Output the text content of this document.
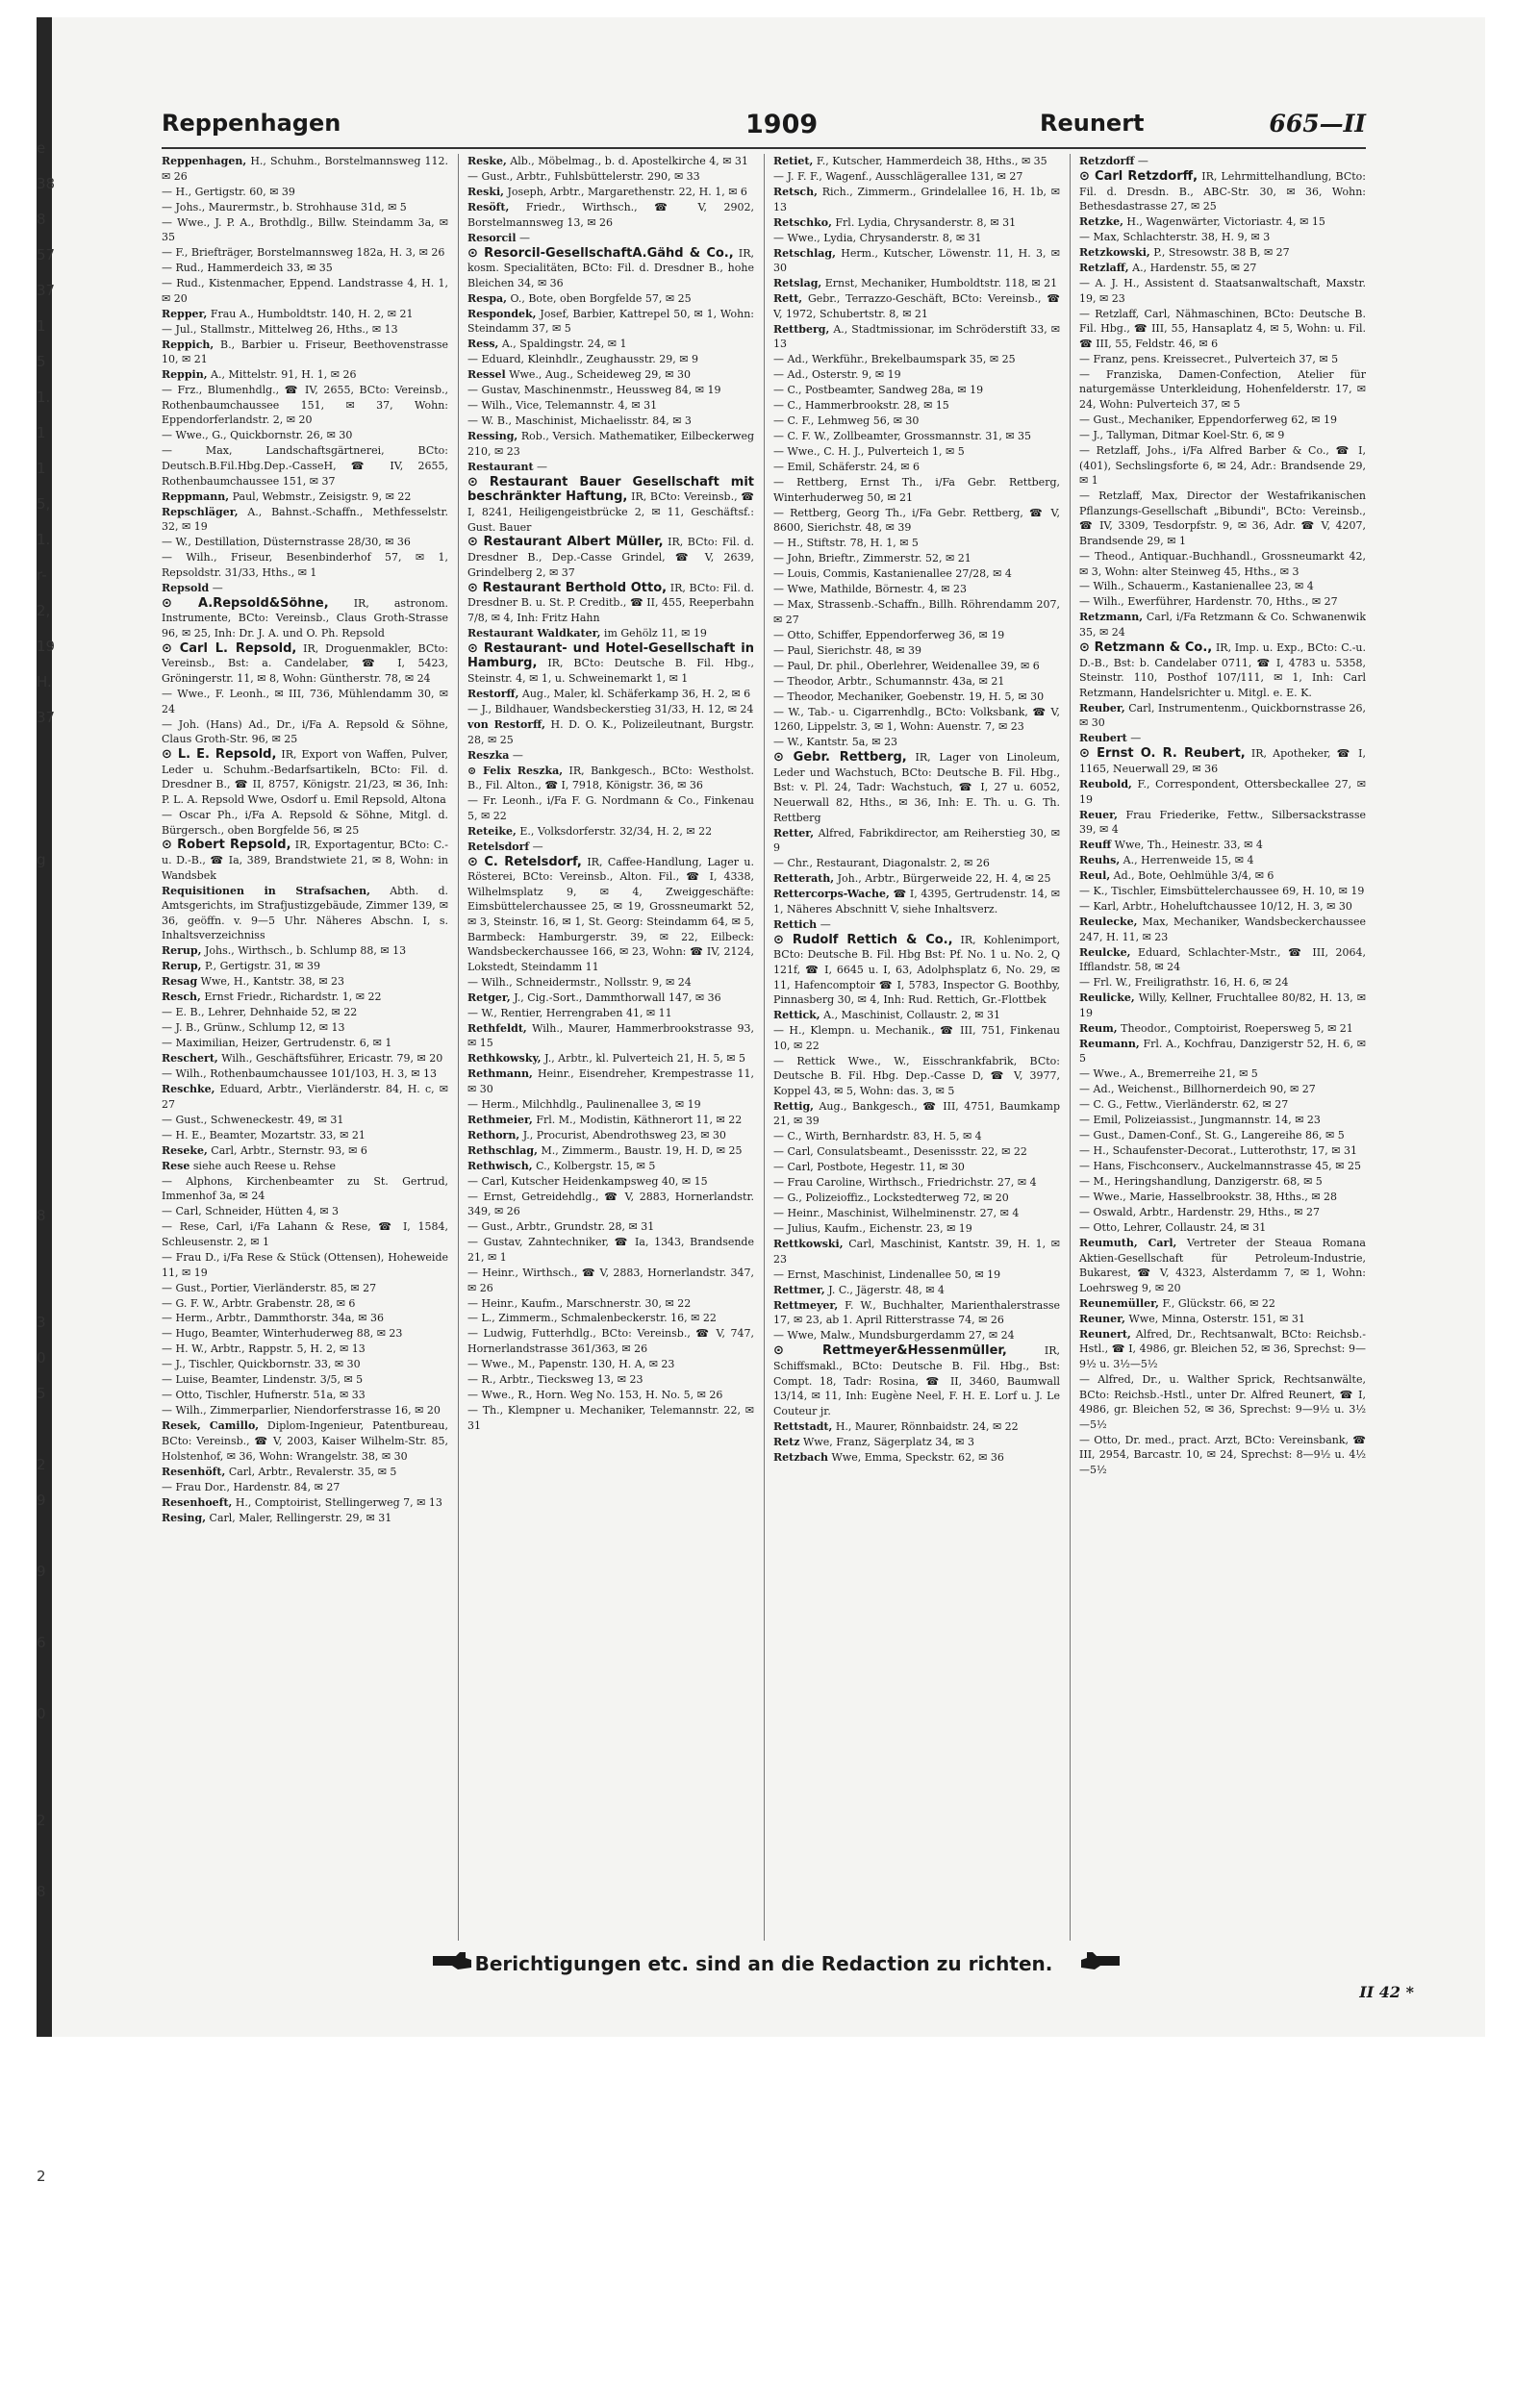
e
38
8
57
37
1
5
1.
1
1
5,
1.
r-
2,
19
H.
37
g
8
3
0
5
2
9
9
6
0
2
8
2
Reppenhagen	1909	Reunert	665—II
Reppenhagen, H., Schuhm., Borstelmannsweg 112. ✉ 26
— H., Gertigstr. 60, ✉ 39
— Johs., Maurermstr., b. Strohhause 31d, ✉ 5
— Wwe., J. P. A., Brothdlg., Billw. Steindamm 3a, ✉ 35
— F., Briefträger, Borstelmannsweg 182a, H. 3, ✉ 26
— Rud., Hammerdeich 33, ✉ 35
— Rud., Kistenmacher, Eppend. Landstrasse 4, H. 1, ✉ 20
Repper, Frau A., Humboldtstr. 140, H. 2, ✉ 21
— Jul., Stallmstr., Mittelweg 26, Hths., ✉ 13
Reppich, B., Barbier u. Friseur, Beethovenstrasse 10, ✉ 21
Reppin, A., Mittelstr. 91, H. 1, ✉ 26
— Frz., Blumenhdlg., ☎ IV, 2655, BCto: Vereinsb., Rothenbaumchaussee 151, ✉ 37, Wohn: Eppendorferlandstr. 2, ✉ 20
— Wwe., G., Quickbornstr. 26, ✉ 30
— Max, Landschaftsgärtnerei, BCto: Deutsch.B.Fil.Hbg.Dep.-CasseH, ☎ IV, 2655, Rothenbaumchaussee 151, ✉ 37
Reppmann, Paul, Webmstr., Zeisigstr. 9, ✉ 22
Repschläger, A., Bahnst.-Schaffn., Methfesselstr. 32, ✉ 19
— W., Destillation, Düsternstrasse 28/30, ✉ 36
— Wilh., Friseur, Besenbinderhof 57, ✉ 1, Repsoldstr. 31/33, Hths., ✉ 1
Repsold —
⊙ A.Repsold&Söhne, IR, astronom. Instrumente, BCto: Vereinsb., Claus Groth-Strasse 96, ✉ 25, Inh: Dr. J. A. und O. Ph. Repsold
⊙ Carl L. Repsold, IR, Droguenmakler, BCto: Vereinsb., Bst: a. Candelaber, ☎ I, 5423, Gröningerstr. 11, ✉ 8, Wohn: Güntherstr. 78, ✉ 24
— Wwe., F. Leonh., ✉ III, 736, Mühlendamm 30, ✉ 24
— Joh. (Hans) Ad., Dr., i/Fa A. Repsold & Söhne, Claus Groth-Str. 96, ✉ 25
⊙ L. E. Repsold, IR, Export von Waffen, Pulver, Leder u. Schuhm.-Bedarfsartikeln, BCto: Fil. d. Dresdner B., ☎ II, 8757, Königstr. 21/23, ✉ 36, Inh: P. L. A. Repsold Wwe, Osdorf u. Emil Repsold, Altona
— Oscar Ph., i/Fa A. Repsold & Söhne, Mitgl. d. Bürgersch., oben Borgfelde 56, ✉ 25
⊙ Robert Repsold, IR, Exportagentur, BCto: C.- u. D.-B., ☎ Ia, 389, Brandstwiete 21, ✉ 8, Wohn: in Wandsbek
Requisitionen in Strafsachen, Abth. d. Amtsgerichts, im Strafjustizgebäude, Zimmer 139, ✉ 36, geöffn. v. 9—5 Uhr. Näheres Abschn. I, s. Inhaltsverzeichniss
Rerup, Johs., Wirthsch., b. Schlump 88, ✉ 13
Rerup, P., Gertigstr. 31, ✉ 39
Resag Wwe, H., Kantstr. 38, ✉ 23
Resch, Ernst Friedr., Richardstr. 1, ✉ 22
— E. B., Lehrer, Dehnhaide 52, ✉ 22
— J. B., Grünw., Schlump 12, ✉ 13
— Maximilian, Heizer, Gertrudenstr. 6, ✉ 1
Reschert, Wilh., Geschäftsführer, Ericastr. 79, ✉ 20
— Wilh., Rothenbaumchaussee 101/103, H. 3, ✉ 13
Reschke, Eduard, Arbtr., Vierländerstr. 84, H. c, ✉ 27
— Gust., Schweneckestr. 49, ✉ 31
— H. E., Beamter, Mozartstr. 33, ✉ 21
Reseke, Carl, Arbtr., Sternstr. 93, ✉ 6
Rese siehe auch Reese u. Rehse
— Alphons, Kirchenbeamter zu St. Gertrud, Immenhof 3a, ✉ 24
— Carl, Schneider, Hütten 4, ✉ 3
— Rese, Carl, i/Fa Lahann & Rese, ☎ I, 1584, Schleusenstr. 2, ✉ 1
— Frau D., i/Fa Rese & Stück (Ottensen), Hoheweide 11, ✉ 19
— Gust., Portier, Vierländerstr. 85, ✉ 27
— G. F. W., Arbtr. Grabenstr. 28, ✉ 6
— Herm., Arbtr., Dammthorstr. 34a, ✉ 36
— Hugo, Beamter, Winterhuderweg 88, ✉ 23
— H. W., Arbtr., Rappstr. 5, H. 2, ✉ 13
— J., Tischler, Quickbornstr. 33, ✉ 30
— Luise, Beamter, Lindenstr. 3/5, ✉ 5
— Otto, Tischler, Hufnerstr. 51a, ✉ 33
— Wilh., Zimmerparlier, Niendorferstrasse 16, ✉ 20
Resek, Camillo, Diplom-Ingenieur, Patentbureau, BCto: Vereinsb., ☎ V, 2003, Kaiser Wilhelm-Str. 85, Holstenhof, ✉ 36, Wohn: Wrangelstr. 38, ✉ 30
Resenhöft, Carl, Arbtr., Revalerstr. 35, ✉ 5
— Frau Dor., Hardenstr. 84, ✉ 27
Resenhoeft, H., Comptoirist, Stellingerweg 7, ✉ 13
Resing, Carl, Maler, Rellingerstr. 29, ✉ 31
Reske, Alb., Möbelmag., b. d. Apostelkirche 4, ✉ 31
— Gust., Arbtr., Fuhlsbüttelerstr. 290, ✉ 33
Reski, Joseph, Arbtr., Margarethenstr. 22, H. 1, ✉ 6
Resöft, Friedr., Wirthsch., ☎ V, 2902, Borstelmannsweg 13, ✉ 26
Resorcil —
⊙ Resorcil-GesellschaftA.Gähd & Co., IR, kosm. Specialitäten, BCto: Fil. d. Dresdner B., hohe Bleichen 34, ✉ 36
Respa, O., Bote, oben Borgfelde 57, ✉ 25
Respondek, Josef, Barbier, Kattrepel 50, ✉ 1, Wohn: Steindamm 37, ✉ 5
Ress, A., Spaldingstr. 24, ✉ 1
— Eduard, Kleinhdlr., Zeughausstr. 29, ✉ 9
Ressel Wwe., Aug., Scheideweg 29, ✉ 30
— Gustav, Maschinenmstr., Heussweg 84, ✉ 19
— Wilh., Vice, Telemannstr. 4, ✉ 31
— W. B., Maschinist, Michaelisstr. 84, ✉ 3
Ressing, Rob., Versich. Mathematiker, Eilbeckerweg 210, ✉ 23
Restaurant —
⊙ Restaurant Bauer Gesellschaft mit beschränkter Haftung, IR, BCto: Vereinsb., ☎ I, 8241, Heiligengeistbrücke 2, ✉ 11, Geschäftsf.: Gust. Bauer
⊙ Restaurant Albert Müller, IR, BCto: Fil. d. Dresdner B., Dep.-Casse Grindel, ☎ V, 2639, Grindelberg 2, ✉ 37
⊙ Restaurant Berthold Otto, IR, BCto: Fil. d. Dresdner B. u. St. P. Creditb., ☎ II, 455, Reeperbahn 7/8, ✉ 4, Inh: Fritz Hahn
Restaurant Waldkater, im Gehölz 11, ✉ 19
⊙ Restaurant- und Hotel-Gesellschaft in Hamburg, IR, BCto: Deutsche B. Fil. Hbg., Steinstr. 4, ✉ 1, u. Schweinemarkt 1, ✉ 1
Restorff, Aug., Maler, kl. Schäferkamp 36, H. 2, ✉ 6
— J., Bildhauer, Wandsbeckerstieg 31/33, H. 12, ✉ 24
von Restorff, H. D. O. K., Polizeileutnant, Burgstr. 28, ✉ 25
Reszka —
⊙ Felix Reszka, IR, Bankgesch., BCto: Westholst. B., Fil. Alton., ☎ I, 7918, Königstr. 36, ✉ 36
— Fr. Leonh., i/Fa F. G. Nordmann & Co., Finkenau 5, ✉ 22
Reteike, E., Volksdorferstr. 32/34, H. 2, ✉ 22
Retelsdorf —
⊙ C. Retelsdorf, IR, Caffee-Handlung, Lager u. Rösterei, BCto: Vereinsb., Alton. Fil., ☎ I, 4338, Wilhelmsplatz 9, ✉ 4, Zweiggeschäfte: Eimsbüttelerchaussee 25, ✉ 19, Grossneumarkt 52, ✉ 3, Steinstr. 16, ✉ 1, St. Georg: Steindamm 64, ✉ 5, Barmbeck: Hamburgerstr. 39, ✉ 22, Eilbeck: Wandsbeckerchaussee 166, ✉ 23, Wohn: ☎ IV, 2124, Lokstedt, Steindamm 11
— Wilh., Schneidermstr., Nollsstr. 9, ✉ 24
Retger, J., Cig.-Sort., Dammthorwall 147, ✉ 36
— W., Rentier, Herrengraben 41, ✉ 11
Rethfeldt, Wilh., Maurer, Hammerbrookstrasse 93, ✉ 15
Rethkowsky, J., Arbtr., kl. Pulverteich 21, H. 5, ✉ 5
Rethmann, Heinr., Eisendreher, Krempestrasse 11, ✉ 30
— Herm., Milchhdlg., Paulinenallee 3, ✉ 19
Rethmeier, Frl. M., Modistin, Käthnerort 11, ✉ 22
Rethorn, J., Procurist, Abendrothsweg 23, ✉ 30
Rethschlag, M., Zimmerm., Baustr. 19, H. D, ✉ 25
Rethwisch, C., Kolbergstr. 15, ✉ 5
— Carl, Kutscher Heidenkampsweg 40, ✉ 15
— Ernst, Getreidehdlg., ☎ V, 2883, Hornerlandstr. 349, ✉ 26
— Gust., Arbtr., Grundstr. 28, ✉ 31
— Gustav, Zahntechniker, ☎ Ia, 1343, Brandsende 21, ✉ 1
— Heinr., Wirthsch., ☎ V, 2883, Hornerlandstr. 347, ✉ 26
— Heinr., Kaufm., Marschnerstr. 30, ✉ 22
— L., Zimmerm., Schmalenbeckerstr. 16, ✉ 22
— Ludwig, Futterhdlg., BCto: Vereinsb., ☎ V, 747, Hornerlandstrasse 361/363, ✉ 26
— Wwe., M., Papenstr. 130, H. A, ✉ 23
— R., Arbtr., Tiecksweg 13, ✉ 23
— Wwe., R., Horn. Weg No. 153, H. No. 5, ✉ 26
— Th., Klempner u. Mechaniker, Telemannstr. 22, ✉ 31
Retiet, F., Kutscher, Hammerdeich 38, Hths., ✉ 35
— J. F. F., Wagenf., Ausschlägerallee 131, ✉ 27
Retsch, Rich., Zimmerm., Grindelallee 16, H. 1b, ✉ 13
Retschko, Frl. Lydia, Chrysanderstr. 8, ✉ 31
— Wwe., Lydia, Chrysanderstr. 8, ✉ 31
Retschlag, Herm., Kutscher, Löwenstr. 11, H. 3, ✉ 30
Retslag, Ernst, Mechaniker, Humboldtstr. 118, ✉ 21
Rett, Gebr., Terrazzo-Geschäft, BCto: Vereinsb., ☎ V, 1972, Schubertstr. 8, ✉ 21
Rettberg, A., Stadtmissionar, im Schröderstift 33, ✉ 13
— Ad., Werkführ., Brekelbaumspark 35, ✉ 25
— Ad., Osterstr. 9, ✉ 19
— C., Postbeamter, Sandweg 28a, ✉ 19
— C., Hammerbrookstr. 28, ✉ 15
— C. F., Lehmweg 56, ✉ 30
— C. F. W., Zollbeamter, Grossmannstr. 31, ✉ 35
— Wwe., C. H. J., Pulverteich 1, ✉ 5
— Emil, Schäferstr. 24, ✉ 6
— Rettberg, Ernst Th., i/Fa Gebr. Rettberg, Winterhuderweg 50, ✉ 21
— Rettberg, Georg Th., i/Fa Gebr. Rettberg, ☎ V, 8600, Sierichstr. 48, ✉ 39
— H., Stiftstr. 78, H. 1, ✉ 5
— John, Brieftr., Zimmerstr. 52, ✉ 21
— Louis, Commis, Kastanienallee 27/28, ✉ 4
— Wwe, Mathilde, Börnestr. 4, ✉ 23
— Max, Strassenb.-Schaffn., Billh. Röhrendamm 207, ✉ 27
— Otto, Schiffer, Eppendorferweg 36, ✉ 19
— Paul, Sierichstr. 48, ✉ 39
— Paul, Dr. phil., Oberlehrer, Weidenallee 39, ✉ 6
— Theodor, Arbtr., Schumannstr. 43a, ✉ 21
— Theodor, Mechaniker, Goebenstr. 19, H. 5, ✉ 30
— W., Tab.- u. Cigarrenhdlg., BCto: Volksbank, ☎ V, 1260, Lippelstr. 3, ✉ 1, Wohn: Auenstr. 7, ✉ 23
— W., Kantstr. 5a, ✉ 23
⊙ Gebr. Rettberg, IR, Lager von Linoleum, Leder und Wachstuch, BCto: Deutsche B. Fil. Hbg., Bst: v. Pl. 24, Tadr: Wachstuch, ☎ I, 27 u. 6052, Neuerwall 82, Hths., ✉ 36, Inh: E. Th. u. G. Th. Rettberg
Retter, Alfred, Fabrikdirector, am Reiherstieg 30, ✉ 9
— Chr., Restaurant, Diagonalstr. 2, ✉ 26
Retterath, Joh., Arbtr., Bürgerweide 22, H. 4, ✉ 25
Rettercorps-Wache, ☎ I, 4395, Gertrudenstr. 14, ✉ 1, Näheres Abschnitt V, siehe Inhaltsverz.
Rettich —
⊙ Rudolf Rettich & Co., IR, Kohlenimport, BCto: Deutsche B. Fil. Hbg Bst: Pf. No. 1 u. No. 2, Q 121f, ☎ I, 6645 u. I, 63, Adolphsplatz 6, No. 29, ✉ 11, Hafencomptoir ☎ I, 5783, Inspector G. Boothby, Pinnasberg 30, ✉ 4, Inh: Rud. Rettich, Gr.-Flottbek
Rettick, A., Maschinist, Collaustr. 2, ✉ 31
— H., Klempn. u. Mechanik., ☎ III, 751, Finkenau 10, ✉ 22
— Rettick Wwe., W., Eisschrankfabrik, BCto: Deutsche B. Fil. Hbg. Dep.-Casse D, ☎ V, 3977, Koppel 43, ✉ 5, Wohn: das. 3, ✉ 5
Rettig, Aug., Bankgesch., ☎ III, 4751, Baumkamp 21, ✉ 39
— C., Wirth, Bernhardstr. 83, H. 5, ✉ 4
— Carl, Consulatsbeamt., Desenissstr. 22, ✉ 22
— Carl, Postbote, Hegestr. 11, ✉ 30
— Frau Caroline, Wirthsch., Friedrichstr. 27, ✉ 4
— G., Polizeioffiz., Lockstedterweg 72, ✉ 20
— Heinr., Maschinist, Wilhelminenstr. 27, ✉ 4
— Julius, Kaufm., Eichenstr. 23, ✉ 19
Rettkowski, Carl, Maschinist, Kantstr. 39, H. 1, ✉ 23
— Ernst, Maschinist, Lindenallee 50, ✉ 19
Rettmer, J. C., Jägerstr. 48, ✉ 4
Rettmeyer, F. W., Buchhalter, Marienthalerstrasse 17, ✉ 23, ab 1. April Ritterstrasse 74, ✉ 26
— Wwe, Malw., Mundsburgerdamm 27, ✉ 24
⊙ Rettmeyer&Hessenmüller,	IR, Schiffsmakl., BCto: Deutsche B. Fil. Hbg., Bst: Compt. 18, Tadr: Rosina, ☎ II, 3460, Baumwall 13/14, ✉ 11, Inh: Eugène Neel, F. H. E. Lorf u. J. Le Couteur jr.
Rettstadt, H., Maurer, Rönnbaidstr. 24, ✉ 22
Retz Wwe, Franz, Sägerplatz 34, ✉ 3
Retzbach Wwe, Emma, Speckstr. 62, ✉ 36
Retzdorff —
⊙ Carl Retzdorff, IR, Lehrmittelhandlung, BCto: Fil. d. Dresdn. B., ABC-Str. 30, ✉ 36, Wohn: Bethesdastrasse 27, ✉ 25
Retzke, H., Wagenwärter, Victoriastr. 4, ✉ 15
— Max, Schlachterstr. 38, H. 9, ✉ 3
Retzkowski, P., Stresowstr. 38 B, ✉ 27
Retzlaff, A., Hardenstr. 55, ✉ 27
— A. J. H., Assistent d. Staatsanwaltschaft, Maxstr. 19, ✉ 23
— Retzlaff, Carl, Nähmaschinen, BCto: Deutsche B. Fil. Hbg., ☎ III, 55, Hansaplatz 4, ✉ 5, Wohn: u. Fil. ☎ III, 55, Feldstr. 46, ✉ 6
— Franz, pens. Kreissecret., Pulverteich 37, ✉ 5
— Franziska, Damen-Confection, Atelier für naturgemässe Unterkleidung, Hohenfelderstr. 17, ✉ 24, Wohn: Pulverteich 37, ✉ 5
— Gust., Mechaniker, Eppendorferweg 62, ✉ 19
— J., Tallyman, Ditmar Koel-Str. 6, ✉ 9
— Retzlaff, Johs., i/Fa Alfred Barber & Co., ☎ I, (401), Sechslingsforte 6, ✉ 24, Adr.: Brandsende 29, ✉ 1
— Retzlaff, Max, Director der Westafrikanischen Pflanzungs-Gesellschaft „Bibundi", BCto: Vereinsb., ☎ IV, 3309, Tesdorpfstr. 9, ✉ 36, Adr. ☎ V, 4207, Brandsende 29, ✉ 1
— Theod., Antiquar.-Buchhandl., Grossneumarkt 42, ✉ 3, Wohn: alter Steinweg 45, Hths., ✉ 3
— Wilh., Schauerm., Kastanienallee 23, ✉ 4
— Wilh., Ewerführer, Hardenstr. 70, Hths., ✉ 27
Retzmann, Carl, i/Fa Retzmann & Co. Schwanenwik 35, ✉ 24
⊙ Retzmann & Co., IR, Imp. u. Exp., BCto: C.-u. D.-B., Bst: b. Candelaber 0711, ☎ I, 4783 u. 5358, Steinstr. 110, Posthof 107/111, ✉ 1, Inh: Carl Retzmann, Handelsrichter u. Mitgl. e. E. K.
Reuber, Carl, Instrumentenm., Quickbornstrasse 26, ✉ 30
Reubert —
⊙ Ernst O. R. Reubert, IR, Apotheker, ☎ I, 1165, Neuerwall 29, ✉ 36
Reubold, F., Correspondent, Ottersbeckallee 27, ✉ 19
Reuer, Frau Friederike, Fettw., Silbersackstrasse 39, ✉ 4
Reuff Wwe, Th., Heinestr. 33, ✉ 4
Reuhs, A., Herrenweide 15, ✉ 4
Reul, Ad., Bote, Oehlmühle 3/4, ✉ 6
— K., Tischler, Eimsbüttelerchaussee 69, H. 10, ✉ 19
— Karl, Arbtr., Hoheluftchaussee 10/12, H. 3, ✉ 30
Reulecke, Max, Mechaniker, Wandsbeckerchaussee 247, H. 11, ✉ 23
Reulcke, Eduard, Schlachter-Mstr., ☎ III, 2064, Ifflandstr. 58, ✉ 24
— Frl. W., Freiligrathstr. 16, H. 6, ✉ 24
Reulicke, Willy, Kellner, Fruchtallee 80/82, H. 13, ✉ 19
Reum, Theodor., Comptoirist, Roepersweg 5, ✉ 21
Reumann, Frl. A., Kochfrau, Danzigerstr 52, H. 6, ✉ 5
— Wwe., A., Bremerreihe 21, ✉ 5
— Ad., Weichenst., Billhornerdeich 90, ✉ 27
— C. G., Fettw., Vierländerstr. 62, ✉ 27
— Emil, Polizeiassist., Jungmannstr. 14, ✉ 23
— Gust., Damen-Conf., St. G., Langereihe 86, ✉ 5
— H., Schaufenster-Decorat., Lutterothstr, 17, ✉ 31
— Hans, Fischconserv., Auckelmannstrasse 45, ✉ 25
— M., Heringshandlung, Danzigerstr. 68, ✉ 5
— Wwe., Marie, Hasselbrookstr. 38, Hths., ✉ 28
— Oswald, Arbtr., Hardenstr. 29, Hths., ✉ 27
— Otto, Lehrer, Collaustr. 24, ✉ 31
Reumuth, Carl, Vertreter der Steaua Romana Aktien-Gesellschaft für Petroleum-Industrie, Bukarest, ☎ V, 4323, Alsterdamm 7, ✉ 1, Wohn: Loehrsweg 9, ✉ 20
Reunemüller, F., Glückstr. 66, ✉ 22
Reuner, Wwe, Minna, Osterstr. 151, ✉ 31
Reunert, Alfred, Dr., Rechtsanwalt, BCto: Reichsb.-Hstl., ☎ I, 4986, gr. Bleichen 52, ✉ 36, Sprechst: 9—9½ u. 3½—5½
— Alfred, Dr., u. Walther Sprick, Rechtsanwälte, BCto: Reichsb.-Hstl., unter Dr. Alfred Reunert, ☎ I, 4986, gr. Bleichen 52, ✉ 36, Sprechst: 9—9½ u. 3½—5½
— Otto, Dr. med., pract. Arzt, BCto: Vereinsbank, ☎ III, 2954, Barcastr. 10, ✉ 24, Sprechst: 8—9½ u. 4½—5½
Berichtigungen etc. sind an die Redaction zu richten.
II 42 *
